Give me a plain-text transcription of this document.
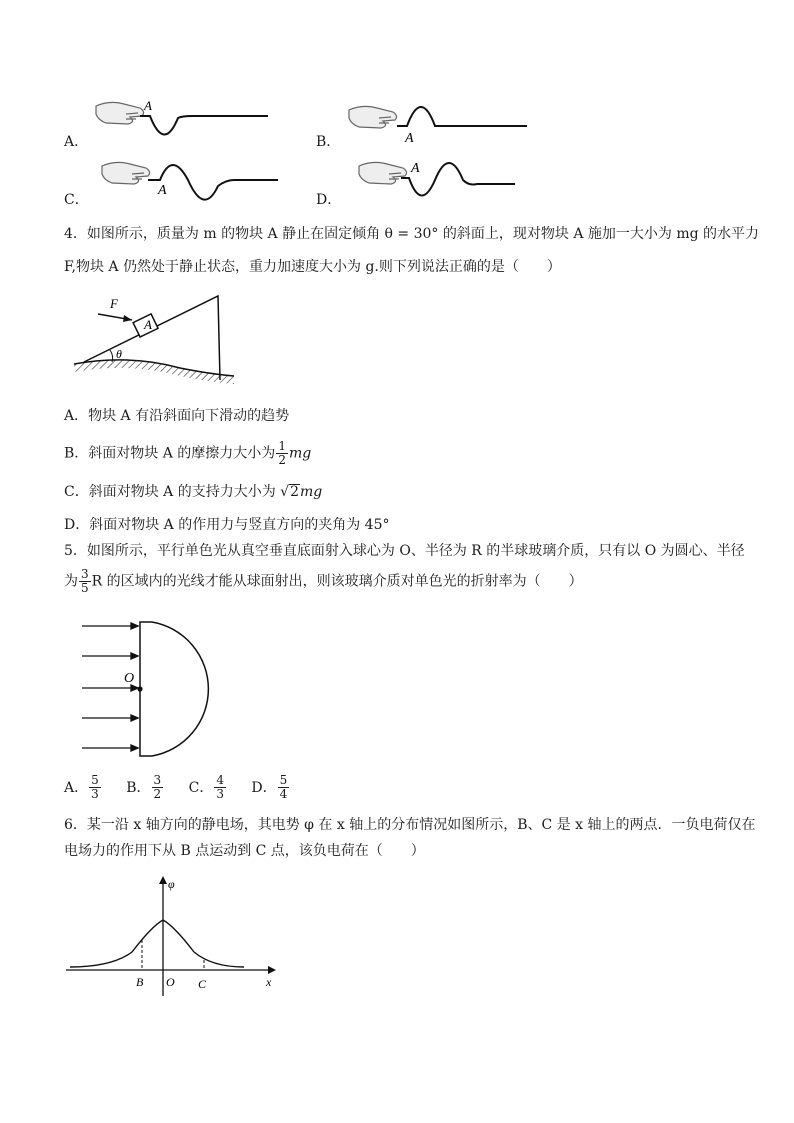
A．	B．
C．	D．
A
A
A
A
4．如图所示，质量为 m 的物块 A 静止在固定倾角 θ = 30° 的斜面上，现对物块 A 施加一大小为 mg 的水平力
F,物块 A 仍然处于静止状态，重力加速度大小为 g.则下列说法正确的是（　　）
A
F
θ
A．物块 A 有沿斜面向下滑动的趋势
B．斜面对物块 A 的摩擦力大小为 $\frac{1}{2}$ mg
C．斜面对物块 A 的支持力大小为 √2mg
D．斜面对物块 A 的作用力与竖直方向的夹角为 45°
5．如图所示，平行单色光从真空垂直底面射入球心为 O、半径为 R 的半球玻璃介质，只有以 O 为圆心、半径
为 $\frac{3}{5}$ R 的区域内的光线才能从球面射出，则该玻璃介质对单色光的折射率为（　　）
O
A． $\frac{5}{3}$ B． $\frac{3}{2}$ C． $\frac{4}{3}$ D． $\frac{5}{4}$
6．某一沿 x 轴方向的静电场，其电势 φ 在 x 轴上的分布情况如图所示，B、C 是 x 轴上的两点．一负电荷仅在
电场力的作用下从 B 点运动到 C 点，该负电荷在（　　）
φ
x
B O C
